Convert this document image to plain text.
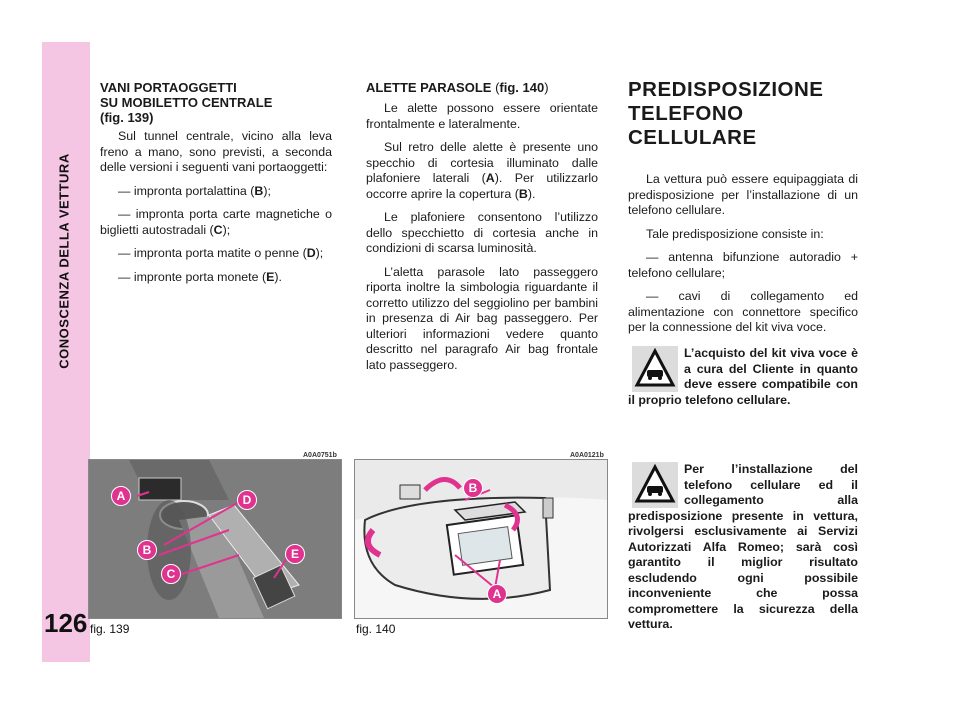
CONOSCENZA DELLA VETTURA
126
VANI PORTAOGGETTI
SU MOBILETTO CENTRALE
(fig. 139)

Sul tunnel centrale, vicino alla leva freno a mano, sono previsti, a seconda delle versioni i seguenti vani portaoggetti:

— impronta portalattina (B);

— impronta porta carte magnetiche o biglietti autostradali (C);

— impronta porta matite o penne (D);

— impronte porta monete (E).

ALETTE PARASOLE (fig. 140)

Le alette possono essere orientate frontalmente e lateralmente.

Sul retro delle alette è presente uno specchio di cortesia illuminato dalle plafoniere laterali (A). Per utilizzarlo occorre aprire la copertura (B).

Le plafoniere consentono l’utilizzo dello specchietto di cortesia anche in condizioni di scarsa luminosità.

L’aletta parasole lato passeggero riporta inoltre la simbologia riguardante il corretto utilizzo del seggiolino per bambini in presenza di Air bag passeggero. Per ulteriori informazioni vedere quanto descritto nel paragrafo Air bag frontale lato passeggero.

PREDISPOSIZIONE
TELEFONO CELLULARE

La vettura può essere equipaggiata di predisposizione per l’installazione di un telefono cellulare.

Tale predisposizione consiste in:

— antenna bifunzione autoradio + telefono cellulare;

— cavi di collegamento ed alimentazione con connettore specifico per la connessione del kit viva voce.

L’acquisto del kit viva voce è a cura del Cliente in quanto deve essere compatibile con il proprio telefono cellulare.
Per l’installazione del telefono cellulare ed il collegamento alla predisposizione presente in vettura, rivolgersi esclusivamente ai Servizi Autorizzati Alfa Romeo; sarà così garantito il miglior risultato escludendo ogni possibile inconveniente che possa compromettere la sicurezza della vettura.
A0A0751b
A
B
C
D
E
fig. 139
A0A0121b
B
A
fig. 140
